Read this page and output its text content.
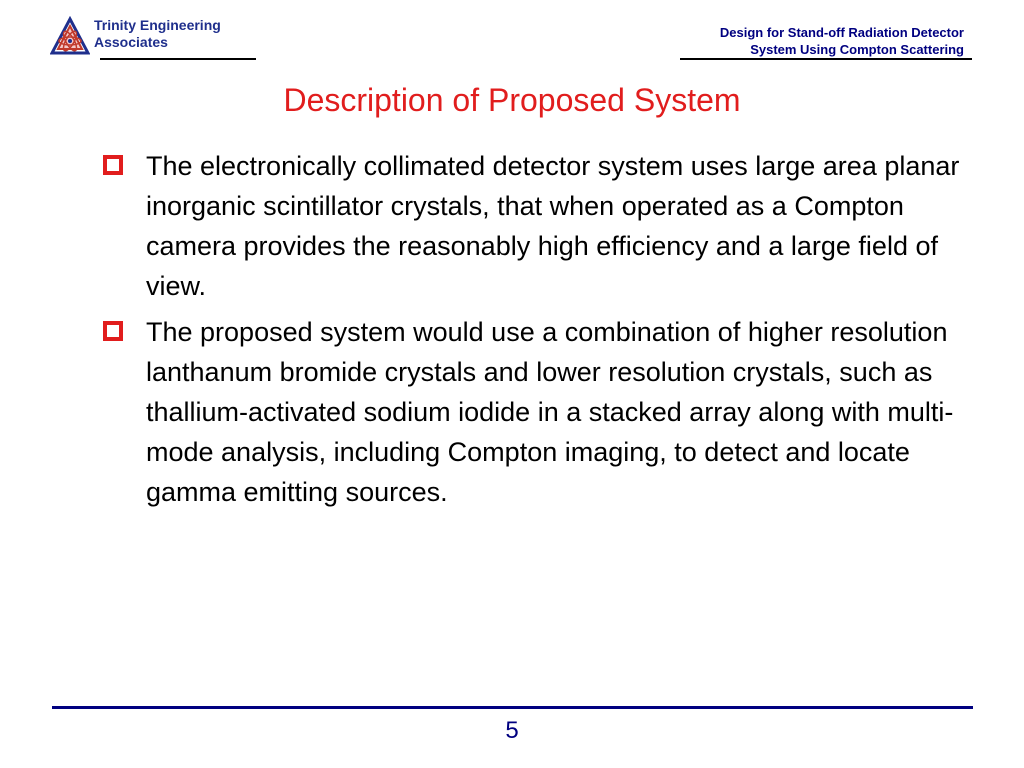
Trinity Engineering
Associates
Design for Stand-off Radiation Detector
System Using Compton Scattering
Description of Proposed System
The electronically collimated detector system uses large area planar inorganic scintillator crystals, that when operated as a Compton camera provides the reasonably high efficiency and a large field of view.
The proposed system would use a combination of higher resolution lanthanum bromide crystals and lower resolution crystals, such as thallium-activated sodium iodide in a stacked array along with multi-mode analysis, including Compton imaging, to detect and locate gamma emitting sources.
5
